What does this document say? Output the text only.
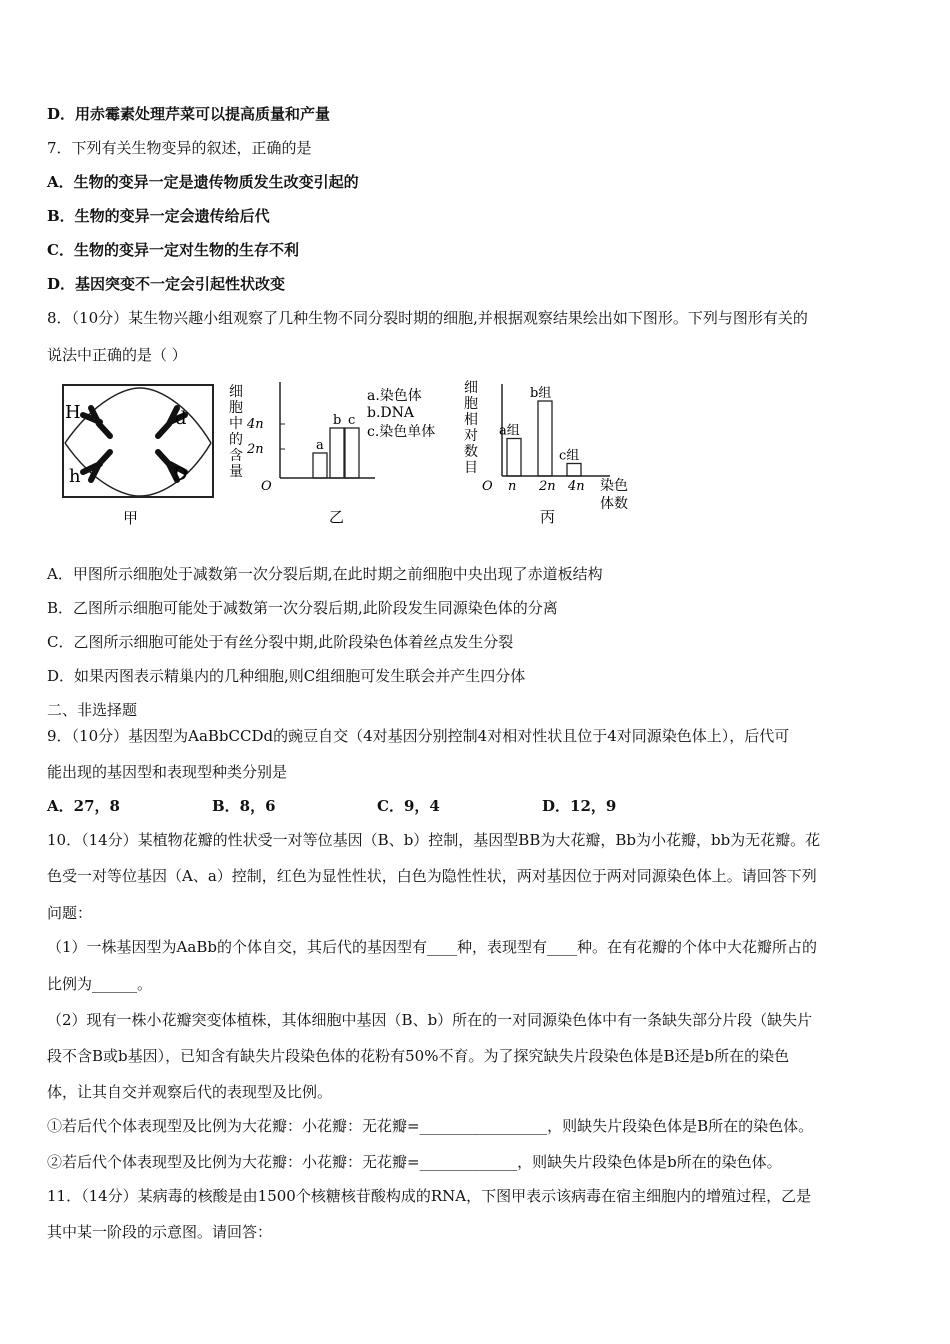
D．用赤霉素处理芹菜可以提高质量和产量
7．下列有关生物变异的叙述，正确的是
A．生物的变异一定是遗传物质发生改变引起的
B．生物的变异一定会遗传给后代
C．生物的变异一定对生物的生存不利
D．基因突变不一定会引起性状改变
8．（10分）某生物兴趣小组观察了几种生物不同分裂时期的细胞,并根据观察结果绘出如下图形。下列与图形有关的
说法中正确的是（ ）
H	d
h	D
甲
细
胞
中
的
含
量
4n
2n
O
a
b c
a.染色体
b.DNA
c.染色单体
乙
细
胞
相
对
数
目
O
a组
n
b组
2n
c组
4n 染色
体数
丙
A．甲图所示细胞处于减数第一次分裂后期,在此时期之前细胞中央出现了赤道板结构
B．乙图所示细胞可能处于减数第一次分裂后期,此阶段发生同源染色体的分离
C．乙图所示细胞可能处于有丝分裂中期,此阶段染色体着丝点发生分裂
D．如果丙图表示精巢内的几种细胞,则C组细胞可发生联会并产生四分体
二、非选择题
9．（10分）基因型为AaBbCCDd的豌豆自交（4对基因分别控制4对相对性状且位于4对同源染色体上），后代可
能出现的基因型和表现型种类分别是
A．27，8	B．8，6	C．9，4	D．12，9
10．（14分）某植物花瓣的性状受一对等位基因（B、b）控制，基因型BB为大花瓣，Bb为小花瓣，bb为无花瓣。花
色受一对等位基因（A、a）控制，红色为显性性状，白色为隐性性状，两对基因位于两对同源染色体上。请回答下列
问题：
（1）一株基因型为AaBb的个体自交，其后代的基因型有____种，表现型有____种。在有花瓣的个体中大花瓣所占的
比例为______。
（2）现有一株小花瓣突变体植株，其体细胞中基因（B、b）所在的一对同源染色体中有一条缺失部分片段（缺失片
段不含B或b基因），已知含有缺失片段染色体的花粉有50%不育。为了探究缺失片段染色体是B还是b所在的染色
体，让其自交并观察后代的表现型及比例。
①若后代个体表现型及比例为大花瓣：小花瓣：无花瓣=_________________，则缺失片段染色体是B所在的染色体。
②若后代个体表现型及比例为大花瓣：小花瓣：无花瓣=_____________，则缺失片段染色体是b所在的染色体。
11．（14分）某病毒的核酸是由1500个核糖核苷酸构成的RNA，下图甲表示该病毒在宿主细胞内的增殖过程，乙是
其中某一阶段的示意图。请回答：
